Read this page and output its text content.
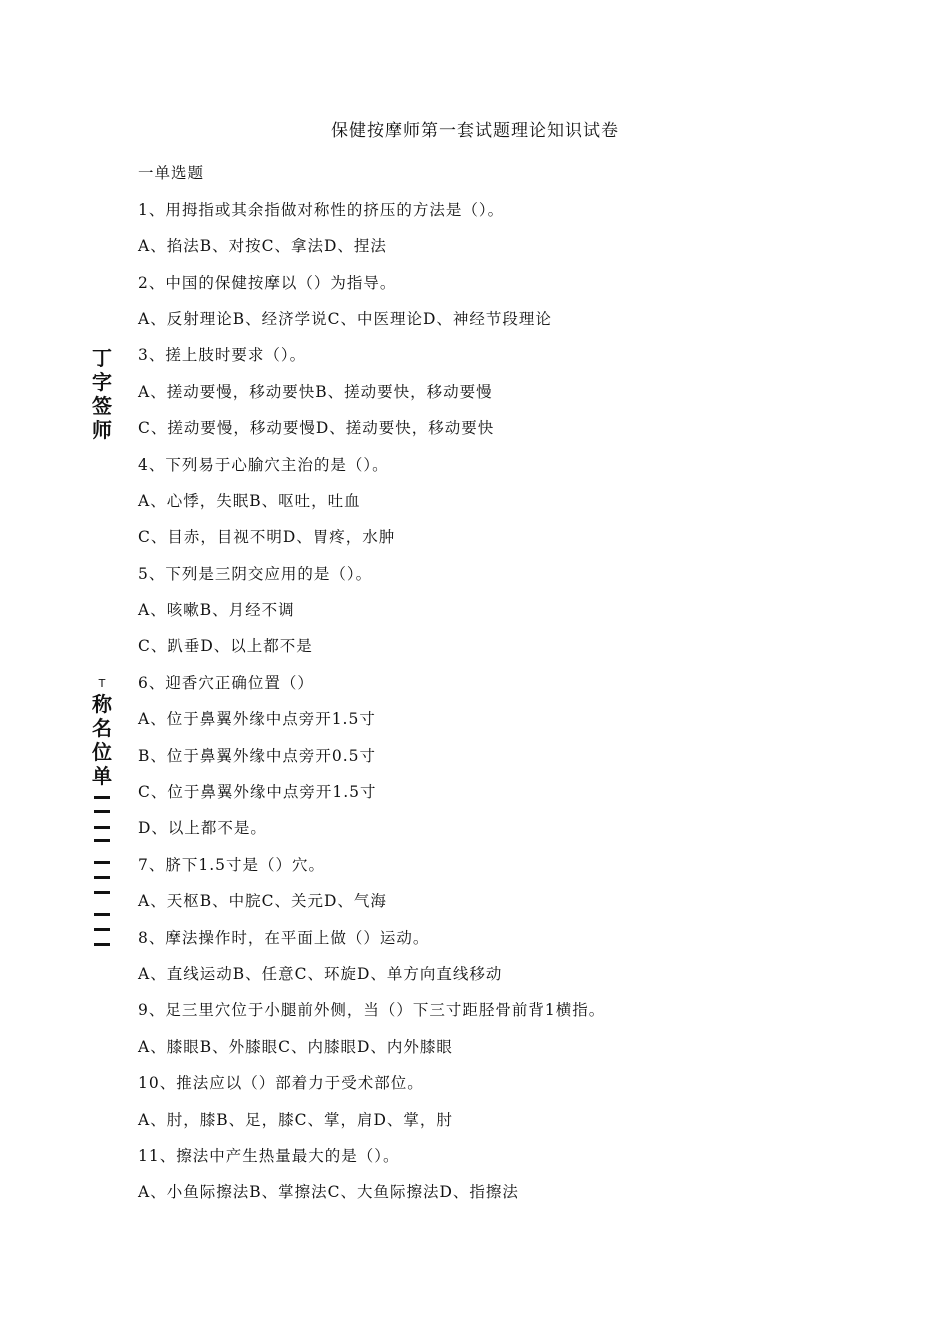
保健按摩师第一套试题理论知识试卷
丁
字
签
师
T
称
名
位
单
一单选题
1、用拇指或其余指做对称性的挤压的方法是（）。
A、掐法B、对按C、拿法D、捏法
2、中国的保健按摩以（）为指导。
A、反射理论B、经济学说C、中医理论D、神经节段理论
3、搓上肢时要求（）。
A、搓动要慢，移动要快B、搓动要快，移动要慢
C、搓动要慢，移动要慢D、搓动要快，移动要快
4、下列易于心腧穴主治的是（）。
A、心悸，失眠B、呕吐，吐血
C、目赤，目视不明D、胃疼，水肿
5、下列是三阴交应用的是（）。
A、咳嗽B、月经不调
C、趴垂D、以上都不是
6、迎香穴正确位置（）
A、位于鼻翼外缘中点旁开1.5寸
B、位于鼻翼外缘中点旁开0.5寸
C、位于鼻翼外缘中点旁开1.5寸
D、以上都不是。
7、脐下1.5寸是（）穴。
A、天枢B、中脘C、关元D、气海
8、摩法操作时，在平面上做（）运动。
A、直线运动B、任意C、环旋D、单方向直线移动
9、足三里穴位于小腿前外侧，当（）下三寸距胫骨前背1横指。
A、膝眼B、外膝眼C、内膝眼D、内外膝眼
10、推法应以（）部着力于受术部位。
A、肘，膝B、足，膝C、掌，肩D、掌，肘
11、擦法中产生热量最大的是（）。
A、小鱼际擦法B、掌擦法C、大鱼际擦法D、指擦法
